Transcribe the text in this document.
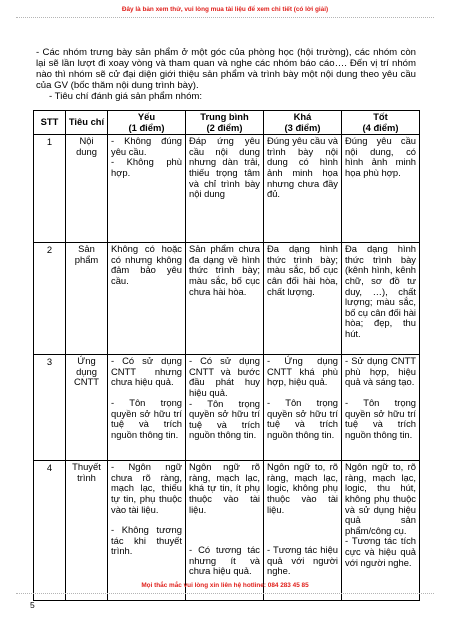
Đây là bản xem thử, vui lòng mua tài liệu để xem chi tiết (có lời giải)

- Các nhóm trưng bày sản phẩm ở một góc của phòng học (hội trường), các nhóm còn lại sẽ lần lượt đi xoay vòng và tham quan và nghe các nhóm báo cáo…. Đến vị trí nhóm nào thì nhóm sẽ cử đại diện giới thiệu sản phẩm và trình bày một nội dung theo yêu cầu của GV (bốc thăm nội dung trình bày).

- Tiêu chí đánh giá sản phẩm nhóm:

STT	Tiêu chí	Yếu
(1 điểm)	Trung bình
(2 điểm)	Khá
(3 điểm)	Tốt
(4 điểm)

1	Nội dung	- Không đúng yêu cầu.
- Không phù hợp.	Đáp ứng yêu cầu nội dung nhưng dàn trải, thiếu trọng tâm và chỉ trình bày nội dung	Đúng yêu cầu và trình bày nội dung có hình ảnh minh họa nhưng chưa đầy đủ.	Đúng yêu cầu nội dung, có hình ảnh minh họa phù hợp.

2	Sản phẩm	Không có hoặc có nhưng không đảm bảo yêu cầu.	Sản phẩm chưa đa dạng về hình thức trình bày; màu sắc, bố cục chưa hài hòa.	Đa dạng hình thức trình bày; màu sắc, bố cục cân đối hài hòa, chất lượng.	Đa dạng hình thức trình bày (kênh hình, kênh chữ, sơ đồ tư duy, …), chất lượng; màu sắc, bố cụ cân đối hài hòa; đẹp, thu hút.

3	Ứng dụng CNTT	- Có sử dụng CNTT nhưng chưa hiệu quả.
- Tôn trọng quyền sở hữu trí tuệ và trích nguồn thông tin.	- Có sử dụng CNTT và bước đầu phát huy hiệu quả.
- Tôn trọng quyền sở hữu trí tuệ và trích nguồn thông tin.	- Ứng dụng CNTT khá phù hợp, hiệu quả.
- Tôn trọng quyền sở hữu trí tuệ và trích nguồn thông tin.	- Sử dụng CNTT phù hợp, hiệu quả và sáng tạo.
- Tôn trọng quyền sở hữu trí tuệ và trích nguồn thông tin.

4	Thuyết trình	- Ngôn ngữ chưa rõ ràng, mạch lạc, thiếu tự tin, phụ thuộc vào tài liệu.
- Không tương tác khi thuyết trình.	Ngôn ngữ rõ ràng, mạch lạc, khá tự tin, ít phụ thuộc vào tài liệu.
- Có tương tác nhưng ít và chưa hiệu quả.	Ngôn ngữ to, rõ ràng, mạch lạc, logic, không phụ thuộc vào tài liệu.
- Tương tác hiệu quả với người nghe.	Ngôn ngữ to, rõ ràng, mạch lạc, logic, thu hút, không phụ thuộc và sử dụng hiệu quả sản phẩm/công cụ.
- Tương tác tích cực và hiệu quả với người nghe.
Mọi thắc mắc vui lòng xin liên hệ hotline: 084 283 45 85
5
